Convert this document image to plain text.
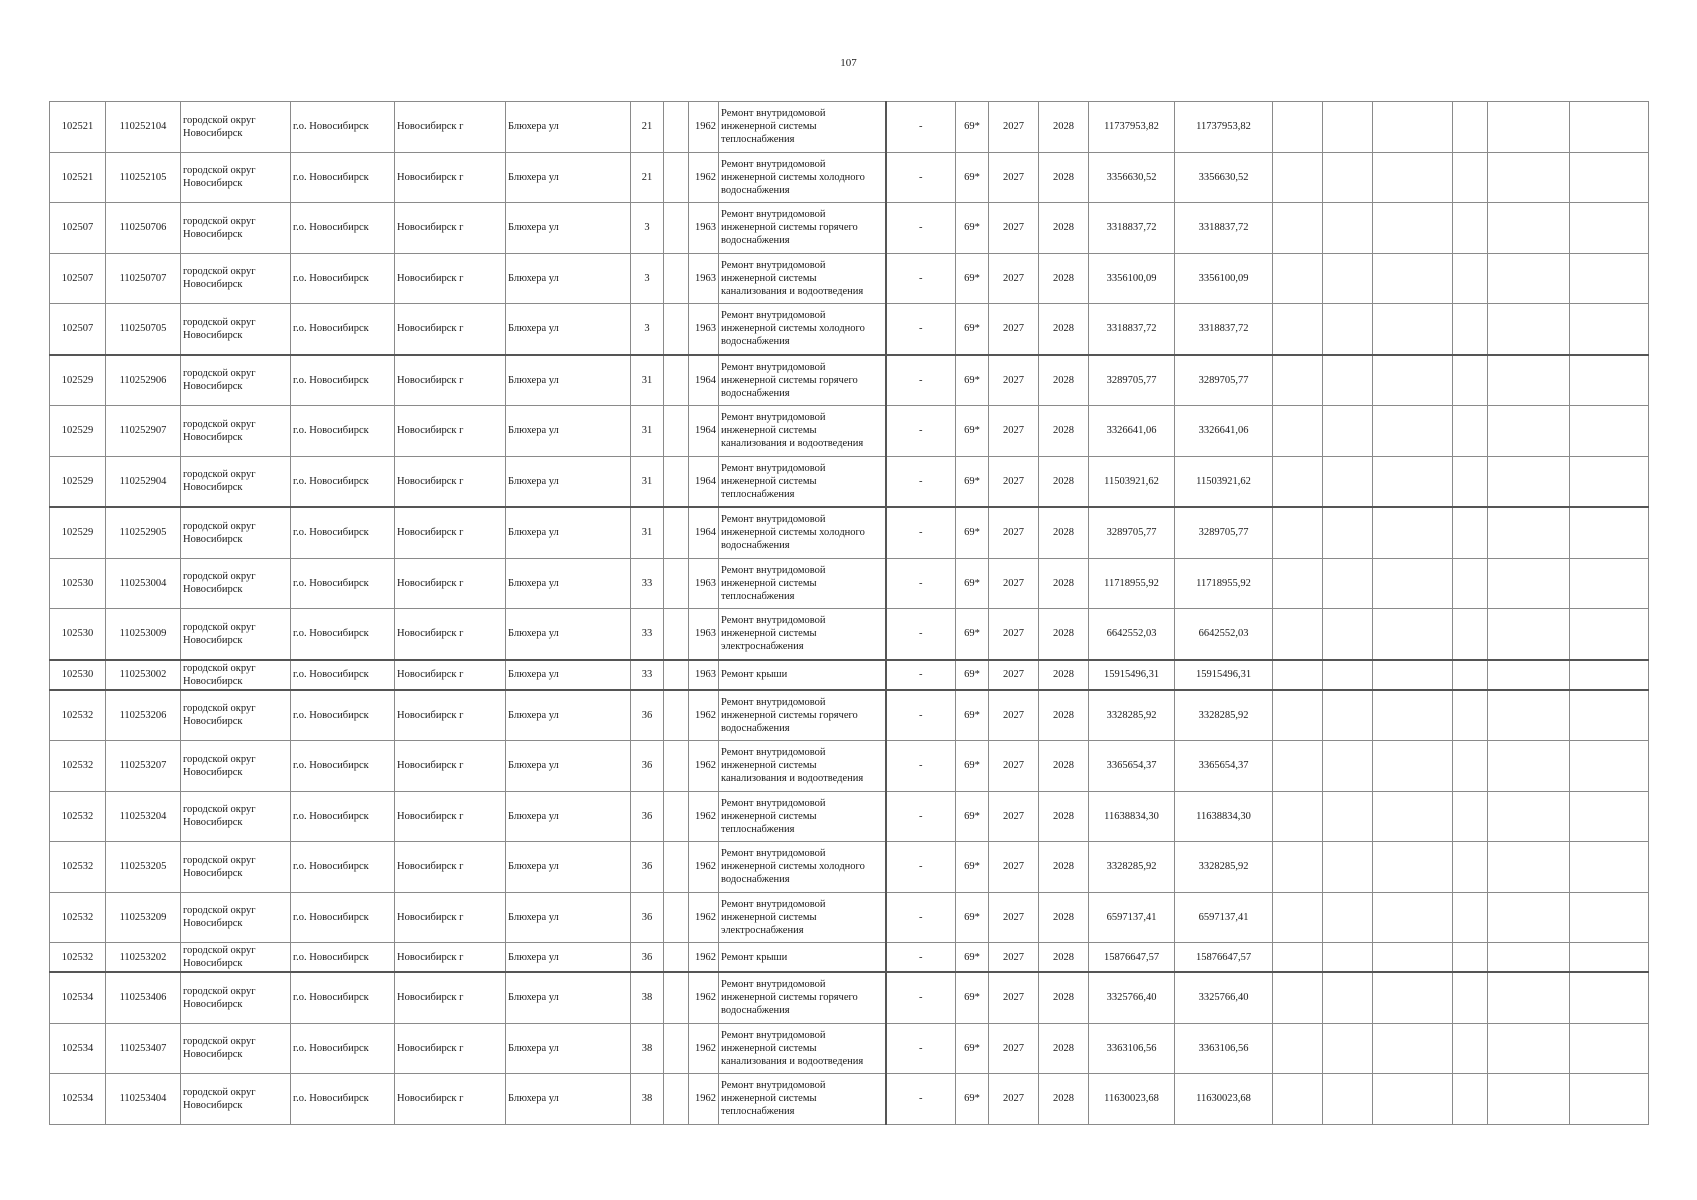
107
102521	110252104	городской округ Новосибирск	г.о. Новосибирск	Новосибирск г	Блюхера ул	21		1962	Ремонт внутридомовой инженерной системы теплоснабжения	-	69*	2027	2028	11737953,82	11737953,82						
102521	110252105	городской округ Новосибирск	г.о. Новосибирск	Новосибирск г	Блюхера ул	21		1962	Ремонт внутридомовой инженерной системы холодного водоснабжения	-	69*	2027	2028	3356630,52	3356630,52						
102507	110250706	городской округ Новосибирск	г.о. Новосибирск	Новосибирск г	Блюхера ул	3		1963	Ремонт внутридомовой инженерной системы горячего водоснабжения	-	69*	2027	2028	3318837,72	3318837,72						
102507	110250707	городской округ Новосибирск	г.о. Новосибирск	Новосибирск г	Блюхера ул	3		1963	Ремонт внутридомовой инженерной системы канализования и водоотведения	-	69*	2027	2028	3356100,09	3356100,09						
102507	110250705	городской округ Новосибирск	г.о. Новосибирск	Новосибирск г	Блюхера ул	3		1963	Ремонт внутридомовой инженерной системы холодного водоснабжения	-	69*	2027	2028	3318837,72	3318837,72						
102529	110252906	городской округ Новосибирск	г.о. Новосибирск	Новосибирск г	Блюхера ул	31		1964	Ремонт внутридомовой инженерной системы горячего водоснабжения	-	69*	2027	2028	3289705,77	3289705,77						
102529	110252907	городской округ Новосибирск	г.о. Новосибирск	Новосибирск г	Блюхера ул	31		1964	Ремонт внутридомовой инженерной системы канализования и водоотведения	-	69*	2027	2028	3326641,06	3326641,06						
102529	110252904	городской округ Новосибирск	г.о. Новосибирск	Новосибирск г	Блюхера ул	31		1964	Ремонт внутридомовой инженерной системы теплоснабжения	-	69*	2027	2028	11503921,62	11503921,62						
102529	110252905	городской округ Новосибирск	г.о. Новосибирск	Новосибирск г	Блюхера ул	31		1964	Ремонт внутридомовой инженерной системы холодного водоснабжения	-	69*	2027	2028	3289705,77	3289705,77						
102530	110253004	городской округ Новосибирск	г.о. Новосибирск	Новосибирск г	Блюхера ул	33		1963	Ремонт внутридомовой инженерной системы теплоснабжения	-	69*	2027	2028	11718955,92	11718955,92						
102530	110253009	городской округ Новосибирск	г.о. Новосибирск	Новосибирск г	Блюхера ул	33		1963	Ремонт внутридомовой инженерной системы электроснабжения	-	69*	2027	2028	6642552,03	6642552,03						
102530	110253002	городской округ Новосибирск	г.о. Новосибирск	Новосибирск г	Блюхера ул	33		1963	Ремонт крыши	-	69*	2027	2028	15915496,31	15915496,31						
102532	110253206	городской округ Новосибирск	г.о. Новосибирск	Новосибирск г	Блюхера ул	36		1962	Ремонт внутридомовой инженерной системы горячего водоснабжения	-	69*	2027	2028	3328285,92	3328285,92						
102532	110253207	городской округ Новосибирск	г.о. Новосибирск	Новосибирск г	Блюхера ул	36		1962	Ремонт внутридомовой инженерной системы канализования и водоотведения	-	69*	2027	2028	3365654,37	3365654,37						
102532	110253204	городской округ Новосибирск	г.о. Новосибирск	Новосибирск г	Блюхера ул	36		1962	Ремонт внутридомовой инженерной системы теплоснабжения	-	69*	2027	2028	11638834,30	11638834,30						
102532	110253205	городской округ Новосибирск	г.о. Новосибирск	Новосибирск г	Блюхера ул	36		1962	Ремонт внутридомовой инженерной системы холодного водоснабжения	-	69*	2027	2028	3328285,92	3328285,92						
102532	110253209	городской округ Новосибирск	г.о. Новосибирск	Новосибирск г	Блюхера ул	36		1962	Ремонт внутридомовой инженерной системы электроснабжения	-	69*	2027	2028	6597137,41	6597137,41						
102532	110253202	городской округ Новосибирск	г.о. Новосибирск	Новосибирск г	Блюхера ул	36		1962	Ремонт крыши	-	69*	2027	2028	15876647,57	15876647,57						
102534	110253406	городской округ Новосибирск	г.о. Новосибирск	Новосибирск г	Блюхера ул	38		1962	Ремонт внутридомовой инженерной системы горячего водоснабжения	-	69*	2027	2028	3325766,40	3325766,40						
102534	110253407	городской округ Новосибирск	г.о. Новосибирск	Новосибирск г	Блюхера ул	38		1962	Ремонт внутридомовой инженерной системы канализования и водоотведения	-	69*	2027	2028	3363106,56	3363106,56						
102534	110253404	городской округ Новосибирск	г.о. Новосибирск	Новосибирск г	Блюхера ул	38		1962	Ремонт внутридомовой инженерной системы теплоснабжения	-	69*	2027	2028	11630023,68	11630023,68						
